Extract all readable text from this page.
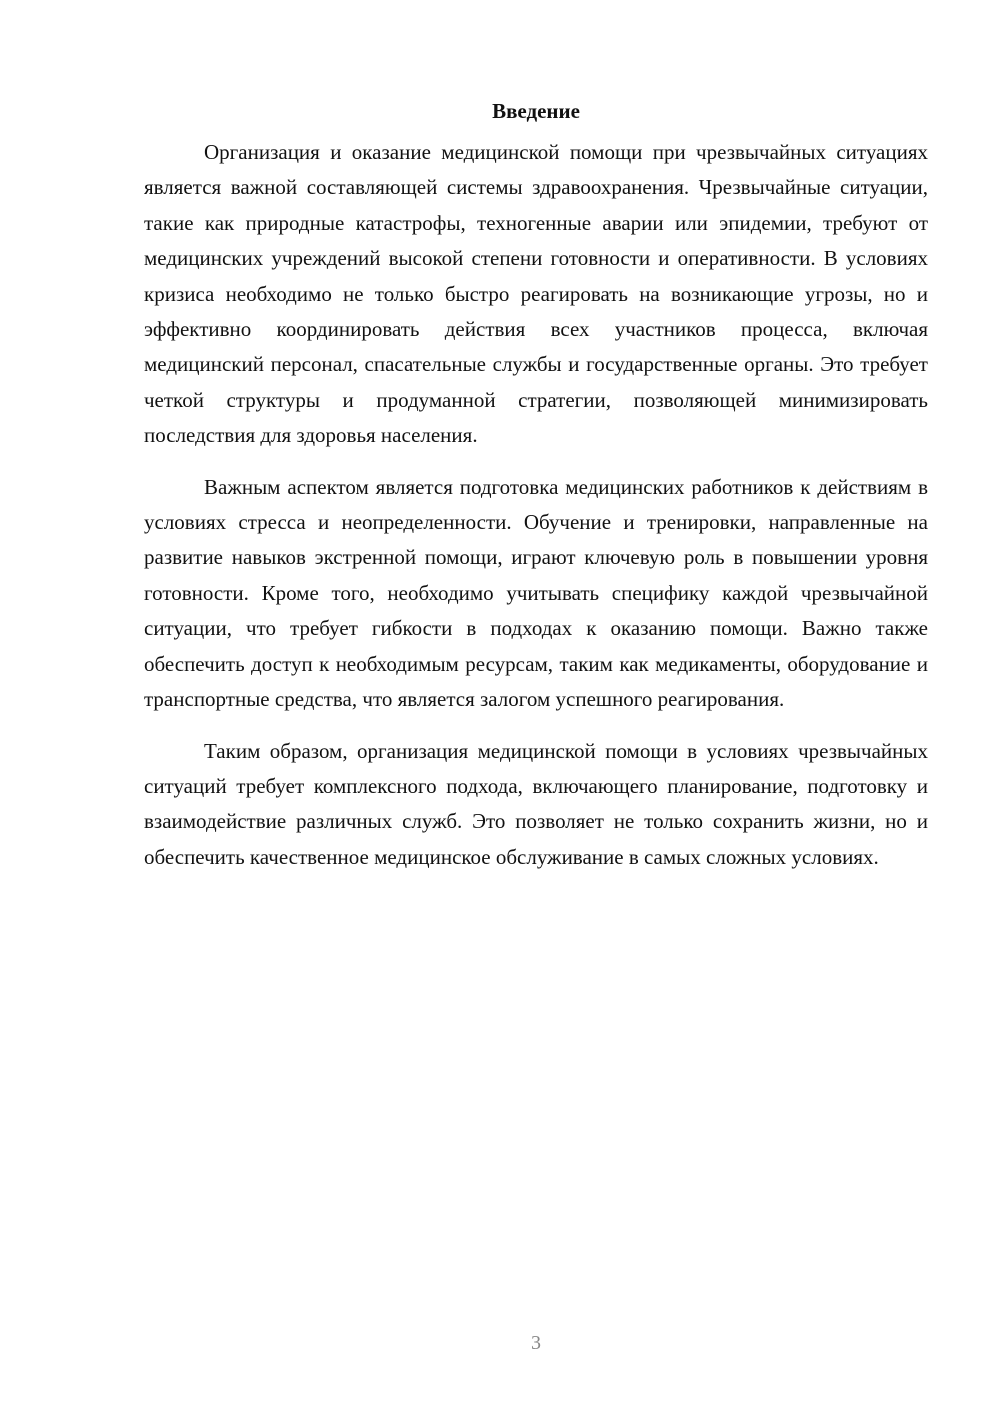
Введение

Организация и оказание медицинской помощи при чрезвычайных ситуациях является важной составляющей системы здравоохранения. Чрезвычайные ситуации, такие как природные катастрофы, техногенные аварии или эпидемии, требуют от медицинских учреждений высокой степени готовности и оперативности. В условиях кризиса необходимо не только быстро реагировать на возникающие угрозы, но и эффективно координировать действия всех участников процесса, включая медицинский персонал, спасательные службы и государственные органы. Это требует четкой структуры и продуманной стратегии, позволяющей минимизировать последствия для здоровья населения.

Важным аспектом является подготовка медицинских работников к действиям в условиях стресса и неопределенности. Обучение и тренировки, направленные на развитие навыков экстренной помощи, играют ключевую роль в повышении уровня готовности. Кроме того, необходимо учитывать специфику каждой чрезвычайной ситуации, что требует гибкости в подходах к оказанию помощи. Важно также обеспечить доступ к необходимым ресурсам, таким как медикаменты, оборудование и транспортные средства, что является залогом успешного реагирования.

Таким образом, организация медицинской помощи в условиях чрезвычайных ситуаций требует комплексного подхода, включающего планирование, подготовку и взаимодействие различных служб. Это позволяет не только сохранить жизни, но и обеспечить качественное медицинское обслуживание в самых сложных условиях.

3
